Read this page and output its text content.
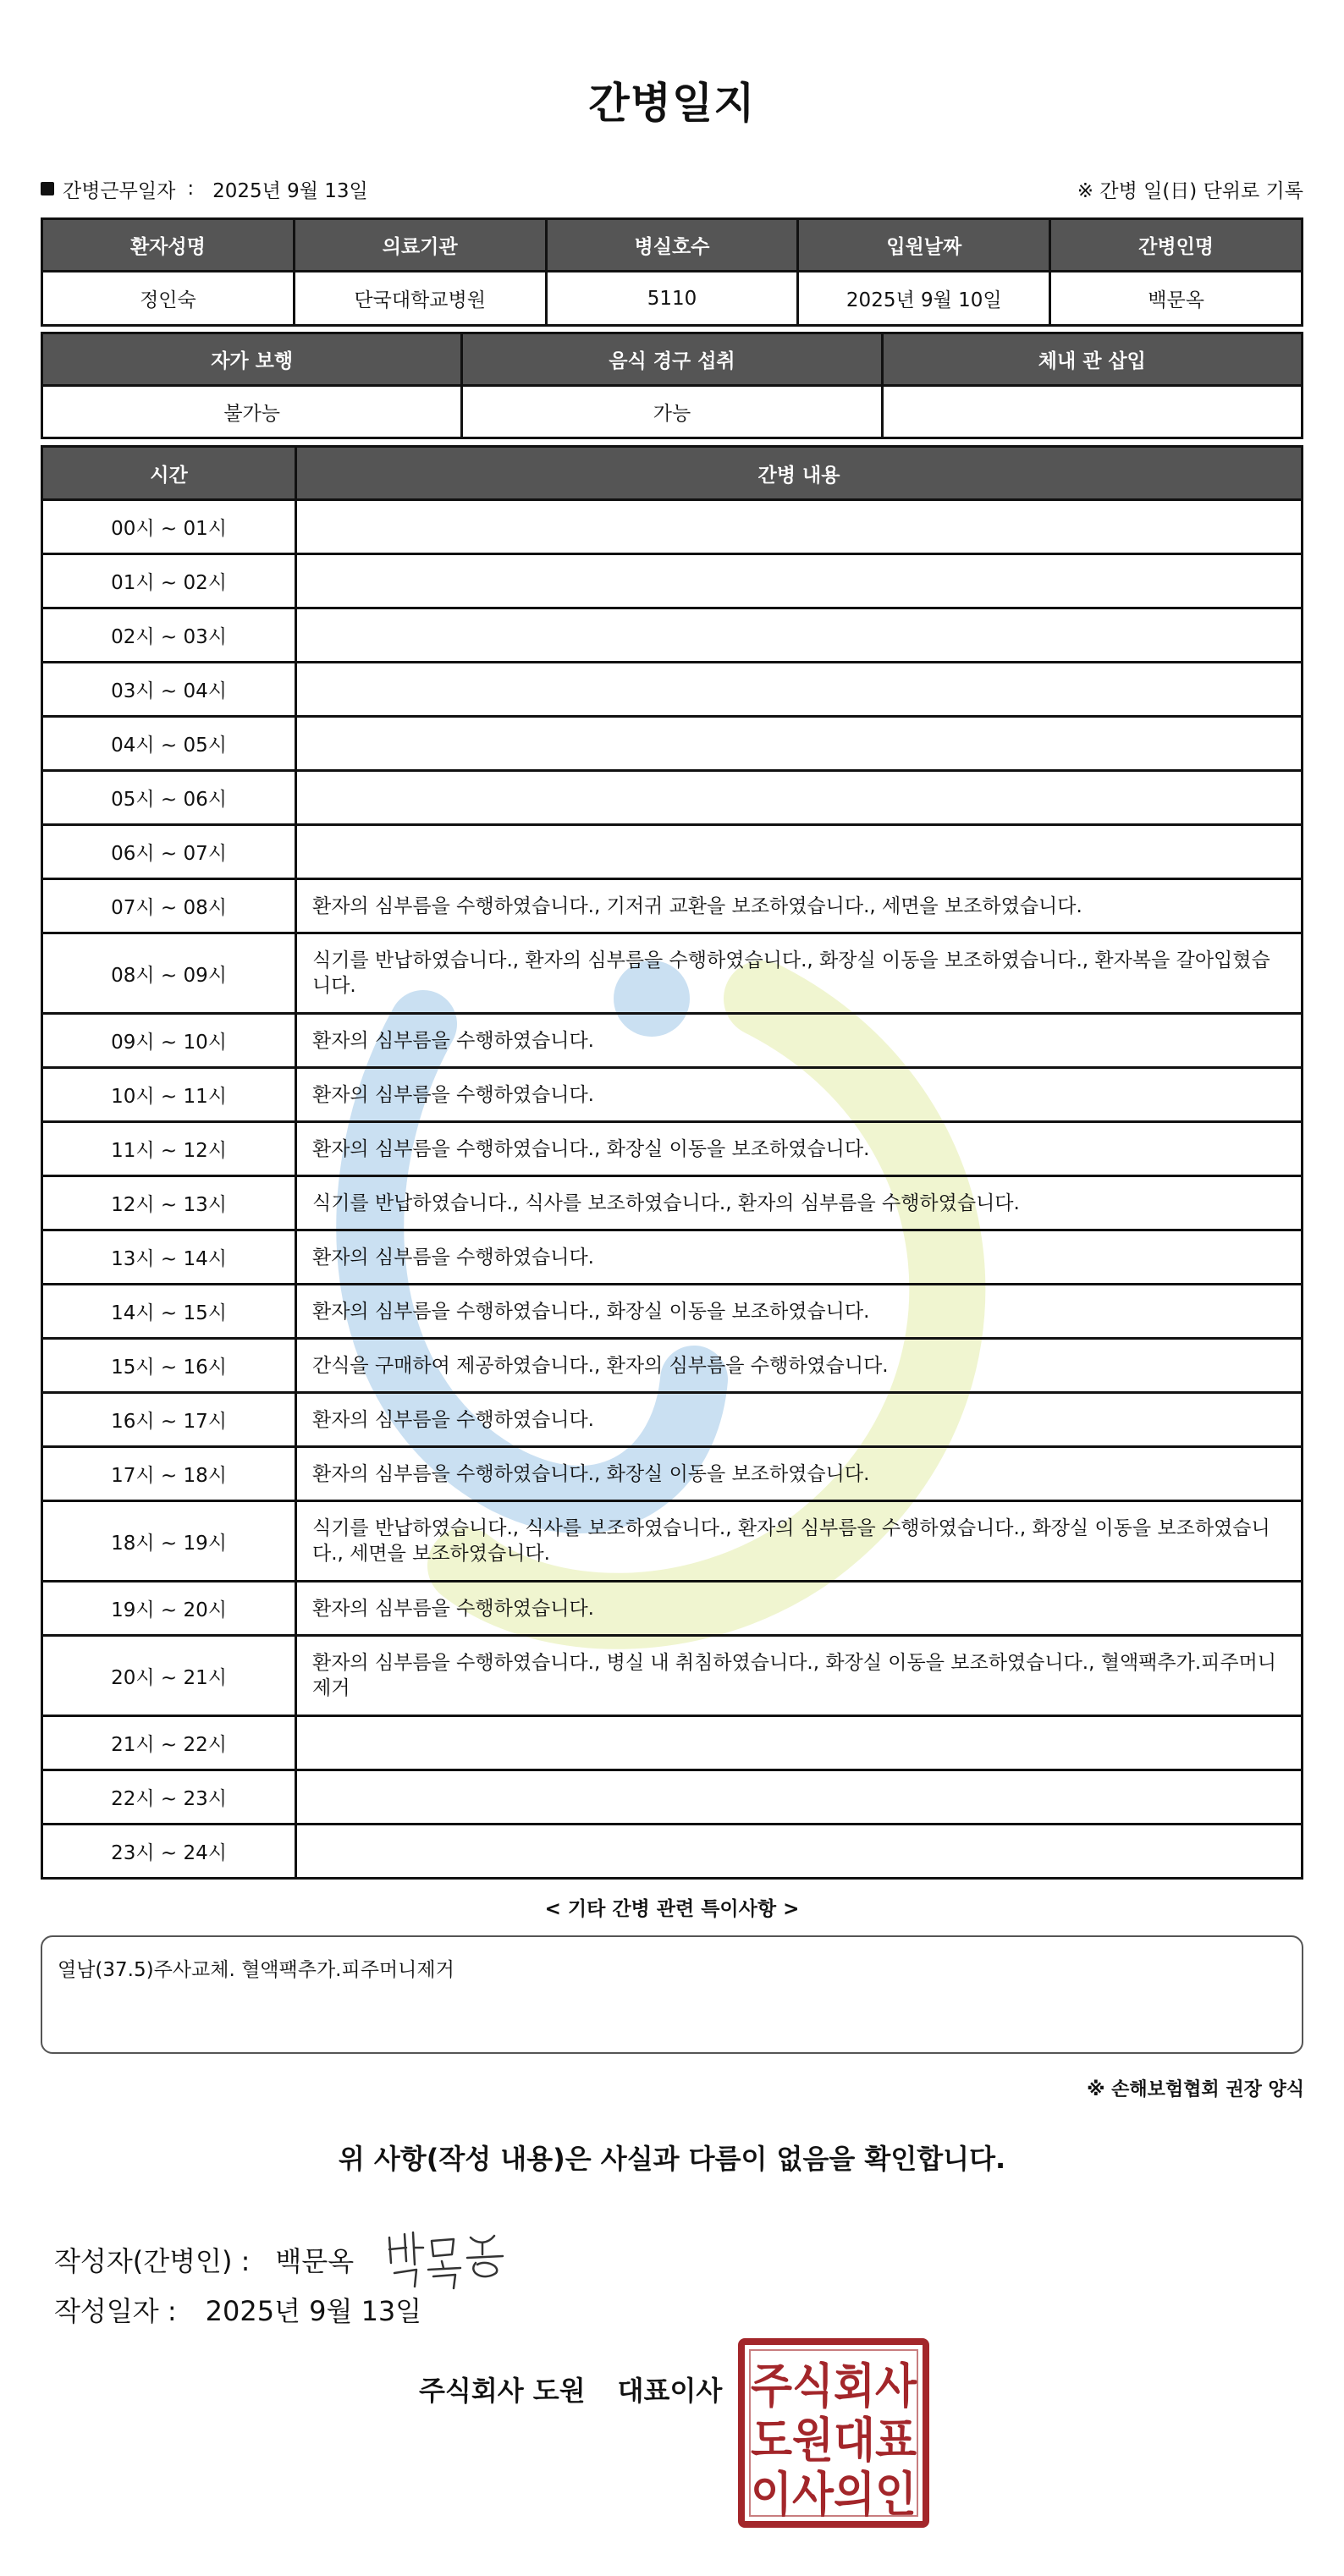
간병일지
간병근무일자 : 2025년 9월 13일	※ 간병 일(日) 단위로 기록
환자성명	의료기관	병실호수	입원날짜	간병인명
정인숙	단국대학교병원	5110	2025년 9월 10일	백문옥
자가 보행	음식 경구 섭취	체내 관 삽입
불가능	가능	
시간	간병 내용
00시 ~ 01시	
01시 ~ 02시	
02시 ~ 03시	
03시 ~ 04시	
04시 ~ 05시	
05시 ~ 06시	
06시 ~ 07시	
07시 ~ 08시	환자의 심부름을 수행하였습니다., 기저귀 교환을 보조하였습니다., 세면을 보조하였습니다.
08시 ~ 09시	식기를 반납하였습니다., 환자의 심부름을 수행하였습니다., 화장실 이동을 보조하였습니다., 환자복을 갈아입혔습니다.
09시 ~ 10시	환자의 심부름을 수행하였습니다.
10시 ~ 11시	환자의 심부름을 수행하였습니다.
11시 ~ 12시	환자의 심부름을 수행하였습니다., 화장실 이동을 보조하였습니다.
12시 ~ 13시	식기를 반납하였습니다., 식사를 보조하였습니다., 환자의 심부름을 수행하였습니다.
13시 ~ 14시	환자의 심부름을 수행하였습니다.
14시 ~ 15시	환자의 심부름을 수행하였습니다., 화장실 이동을 보조하였습니다.
15시 ~ 16시	간식을 구매하여 제공하였습니다., 환자의 심부름을 수행하였습니다.
16시 ~ 17시	환자의 심부름을 수행하였습니다.
17시 ~ 18시	환자의 심부름을 수행하였습니다., 화장실 이동을 보조하였습니다.
18시 ~ 19시	식기를 반납하였습니다., 식사를 보조하였습니다., 환자의 심부름을 수행하였습니다., 화장실 이동을 보조하였습니다., 세면을 보조하였습니다.
19시 ~ 20시	환자의 심부름을 수행하였습니다.
20시 ~ 21시	환자의 심부름을 수행하였습니다., 병실 내 취침하였습니다., 화장실 이동을 보조하였습니다., 혈액팩추가.피주머니제거
21시 ~ 22시	
22시 ~ 23시	
23시 ~ 24시	
< 기타 간병 관련 특이사항 >
열남(37.5)주사교체. 혈액팩추가.피주머니제거
※ 손해보험협회 권장 양식
위 사항(작성 내용)은 사실과 다름이 없음을 확인합니다.
작성자(간병인) : 백문옥
작성일자 : 2025년 9월 13일
주식회사 도원 대표이사 주식회사
도원대표
이사의인
